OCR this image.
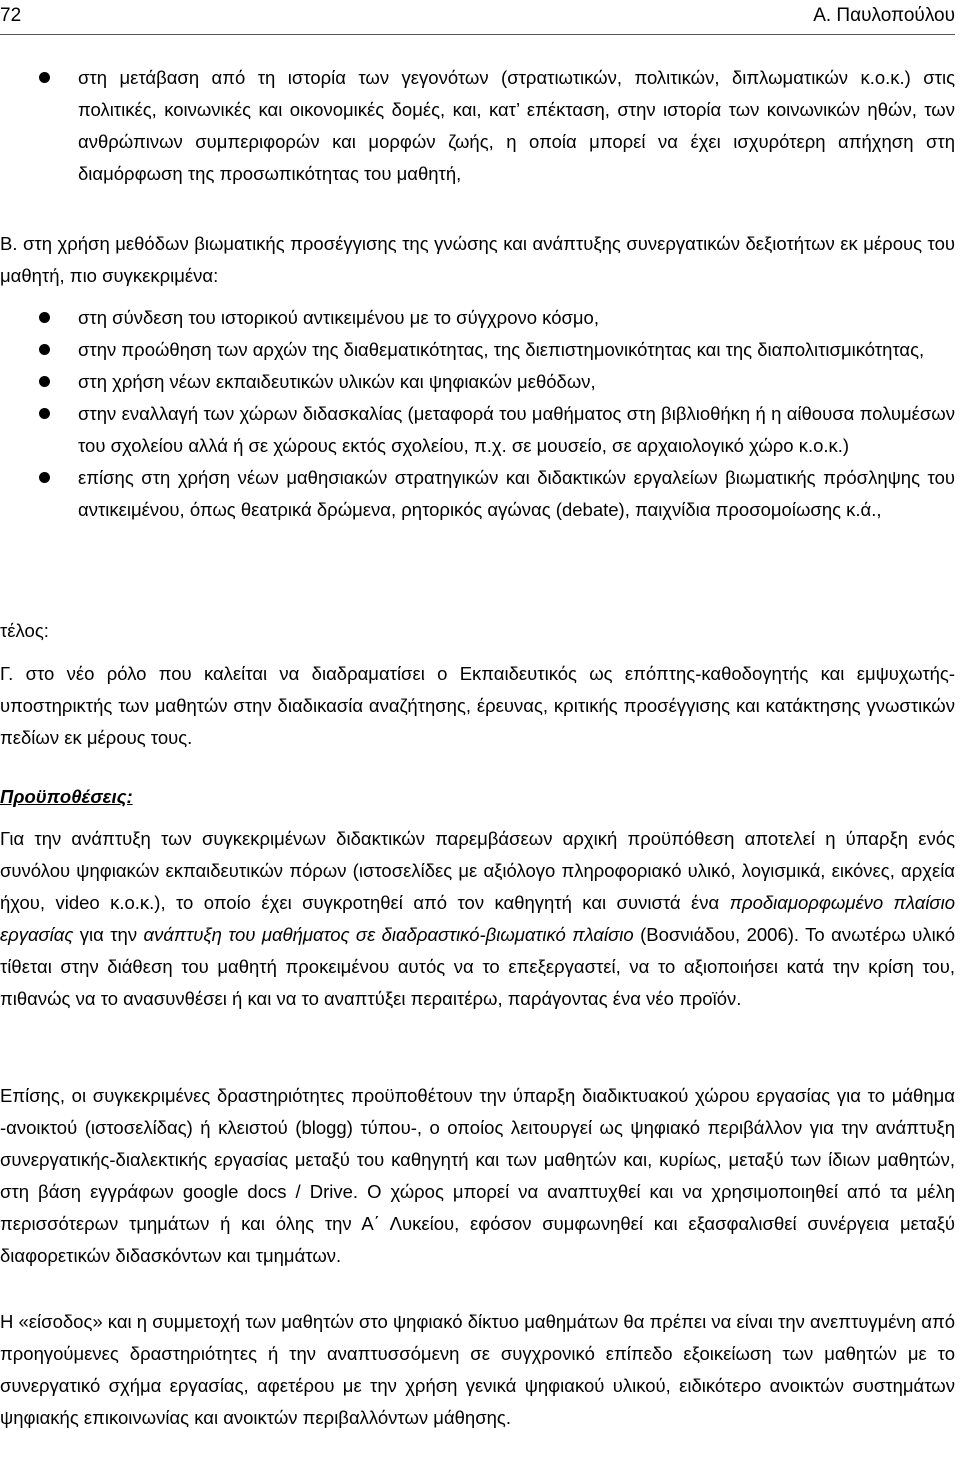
72	Α. Παυλοπούλου

στη μετάβαση από τη ιστορία των γεγονότων (στρατιωτικών, πολιτικών, διπλωματικών κ.ο.κ.) στις πολιτικές, κοινωνικές και οικονομικές δομές, και, κατ’ επέκταση, στην ιστορία των κοινωνικών ηθών, των ανθρώπινων συμπεριφορών και μορφών ζωής, η οποία μπορεί να έχει ισχυρότερη απήχηση στη διαμόρφωση της προσωπικότητας του μαθητή,

Β. στη χρήση μεθόδων βιωματικής προσέγγισης της γνώσης και ανάπτυξης συνεργατικών δεξιοτήτων εκ μέρους του μαθητή, πιο συγκεκριμένα:

στη σύνδεση του ιστορικού αντικειμένου με το σύγχρονο κόσμο,

στην προώθηση των αρχών της διαθεματικότητας, της διεπιστημονικότητας και της διαπολιτισμικότητας,

στη χρήση νέων εκπαιδευτικών υλικών και ψηφιακών μεθόδων,

στην εναλλαγή των χώρων διδασκαλίας (μεταφορά του μαθήματος στη βιβλιοθήκη ή η αίθουσα πολυμέσων του σχολείου αλλά ή σε χώρους εκτός σχολείου, π.χ. σε μουσείο, σε αρχαιολογικό χώρο κ.ο.κ.)

επίσης στη χρήση νέων μαθησιακών στρατηγικών και διδακτικών εργαλείων βιωματικής πρόσληψης του αντικειμένου, όπως θεατρικά δρώμενα, ρητορικός αγώνας (debate), παιχνίδια προσομοίωσης κ.ά.,

τέλος:

Γ. στο νέο ρόλο που καλείται να διαδραματίσει ο Εκπαιδευτικός ως επόπτης-καθοδογητής και εμψυχωτής-υποστηρικτής των μαθητών στην διαδικασία αναζήτησης, έρευνας, κριτικής προσέγγισης και κατάκτησης γνωστικών πεδίων εκ μέρους τους.

Προϋποθέσεις:

Για την ανάπτυξη των συγκεκριμένων διδακτικών παρεμβάσεων αρχική προϋπόθεση αποτελεί η ύπαρξη ενός συνόλου ψηφιακών εκπαιδευτικών πόρων (ιστοσελίδες με αξιόλογο πληροφοριακό υλικό, λογισμικά, εικόνες, αρχεία ήχου, video κ.ο.κ.), το οποίο έχει συγκροτηθεί από τον καθηγητή και συνιστά ένα προδιαμορφωμένο πλαίσιο εργασίας για την ανάπτυξη του μαθήματος σε διαδραστικό-βιωματικό πλαίσιο (Βοσνιάδου, 2006). Το ανωτέρω υλικό τίθεται στην διάθεση του μαθητή προκειμένου αυτός να το επεξεργαστεί, να το αξιοποιήσει κατά την κρίση του, πιθανώς να το ανασυνθέσει ή και να το αναπτύξει περαιτέρω, παράγοντας ένα νέο προϊόν.

Επίσης, οι συγκεκριμένες δραστηριότητες προϋποθέτουν την ύπαρξη διαδικτυακού χώρου εργασίας για το μάθημα -ανοικτού (ιστοσελίδας) ή κλειστού (blogg) τύπου-, ο οποίος λειτουργεί ως ψηφιακό περιβάλλον για την ανάπτυξη συνεργατικής-διαλεκτικής εργασίας μεταξύ του καθηγητή και των μαθητών και, κυρίως, μεταξύ των ίδιων μαθητών, στη βάση εγγράφων google docs / Drive. Ο χώρος μπορεί να αναπτυχθεί και να χρησιμοποιηθεί από τα μέλη περισσότερων τμημάτων ή και όλης την Α΄ Λυκείου, εφόσον συμφωνηθεί και εξασφαλισθεί συνέργεια μεταξύ διαφορετικών διδασκόντων και τμημάτων.

Η «είσοδος» και η συμμετοχή των μαθητών στο ψηφιακό δίκτυο μαθημάτων θα πρέπει να είναι την ανεπτυγμένη από προηγούμενες δραστηριότητες ή την αναπτυσσόμενη σε συγχρονικό επίπεδο εξοικείωση των μαθητών με το συνεργατικό σχήμα εργασίας, αφετέρου με την χρήση γενικά ψηφιακού υλικού, ειδικότερο ανοικτών συστημάτων ψηφιακής επικοινωνίας και ανοικτών περιβαλλόντων μάθησης.
